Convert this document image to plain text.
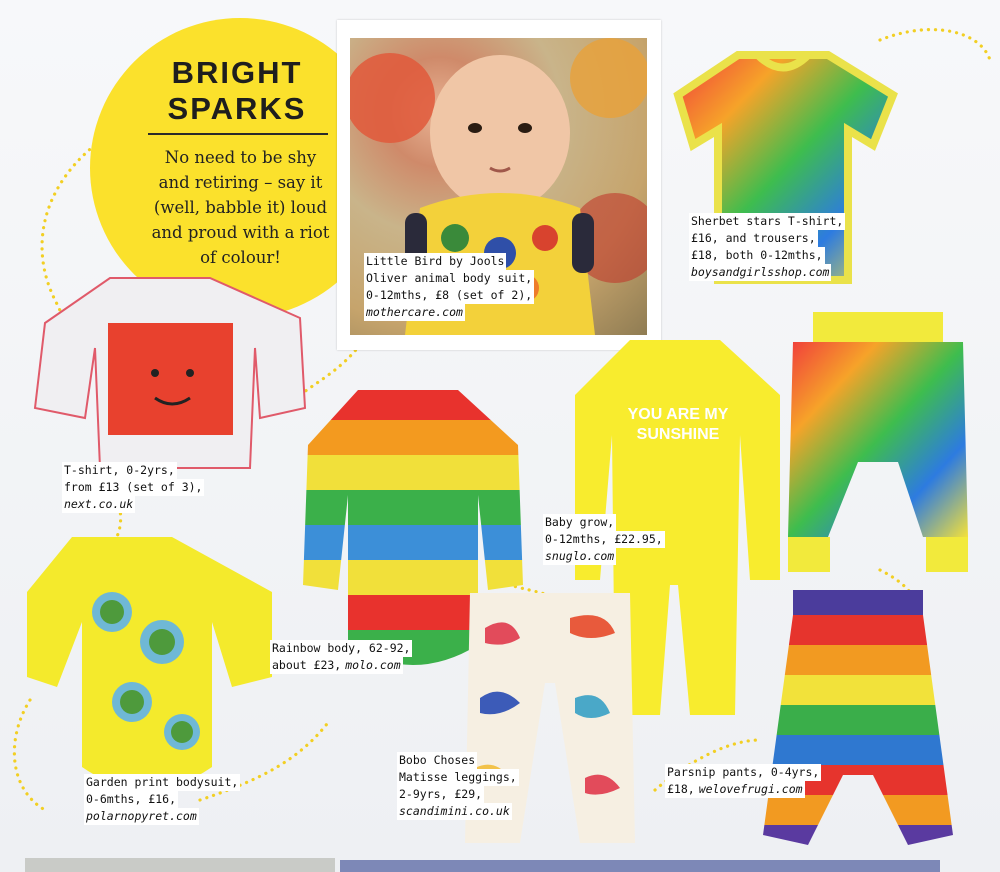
BRIGHT
SPARKS
No need to be shy
and retiring – say it
(well, babble it) loud
and proud with a riot
of colour!
YOU ARE MY
SUNSHINE
Little Bird by Jools
Oliver animal body suit,
0-12mths, £8 (set of 2),
mothercare.com
Sherbet stars T-shirt,
£16, and trousers,
£18, both 0-12mths,
boysandgirlsshop.com
T-shirt, 0-2yrs,
from £13 (set of 3),
next.co.uk
Baby grow,
0-12mths, £22.95,
snuglo.com
Rainbow body, 62-92,
about £23, molo.com
Garden print bodysuit,
0-6mths, £16,
polarnopyret.com
Bobo Choses
Matisse leggings,
2-9yrs, £29,
scandimini.co.uk
Parsnip pants, 0-4yrs,
£18, welovefrugi.com
